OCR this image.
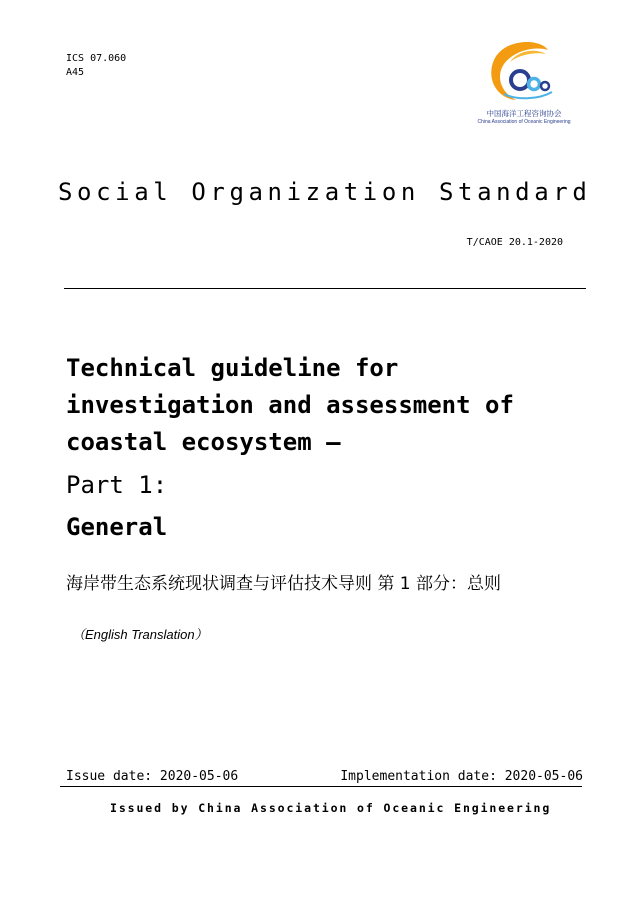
ICS 07.060
A45
中国海洋工程咨询协会
China Association of Oceanic Engineering
Social Organization Standard
T/CAOE 20.1-2020
Technical guideline for
investigation and assessment of
coastal ecosystem —
Part 1:
General
海岸带生态系统现状调查与评估技术导则 第 1 部分：总则
（English Translation）
Issue date: 2020-05-06	Implementation date: 2020-05-06
Issued by China Association of Oceanic Engineering
